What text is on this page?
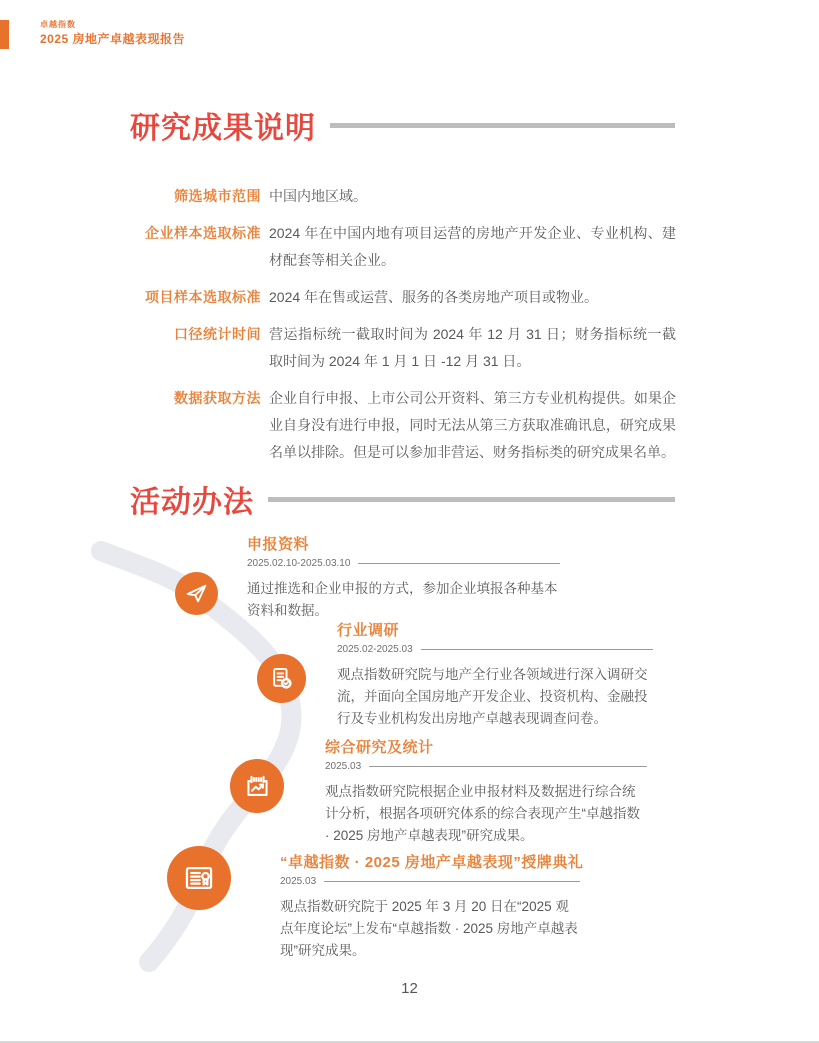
卓越指数
2025 房地产卓越表现报告
研究成果说明
筛选城市范围 中国内地区域。
企业样本选取标准 2024 年在中国内地有项目运营的房地产开发企业、专业机构、建材配套等相关企业。
项目样本选取标准 2024 年在售或运营、服务的各类房地产项目或物业。
口径统计时间 营运指标统一截取时间为 2024 年 12 月 31 日；财务指标统一截取时间为 2024 年 1 月 1 日 -12 月 31 日。
数据获取方法 企业自行申报、上市公司公开资料、第三方专业机构提供。如果企业自身没有进行申报，同时无法从第三方获取准确讯息，研究成果名单以排除。但是可以参加非营运、财务指标类的研究成果名单。
活动办法
申报资料
2025.02.10-2025.03.10
通过推选和企业申报的方式，参加企业填报各种基本资料和数据。
行业调研
2025.02-2025.03
观点指数研究院与地产全行业各领域进行深入调研交流，并面向全国房地产开发企业、投资机构、金融投行及专业机构发出房地产卓越表现调查问卷。
综合研究及统计
2025.03
观点指数研究院根据企业申报材料及数据进行综合统计分析，根据各项研究体系的综合表现产生“卓越指数 · 2025 房地产卓越表现”研究成果。
“卓越指数 · 2025 房地产卓越表现”授牌典礼
2025.03
观点指数研究院于 2025 年 3 月 20 日在“2025 观点年度论坛”上发布“卓越指数 · 2025 房地产卓越表现”研究成果。
12
